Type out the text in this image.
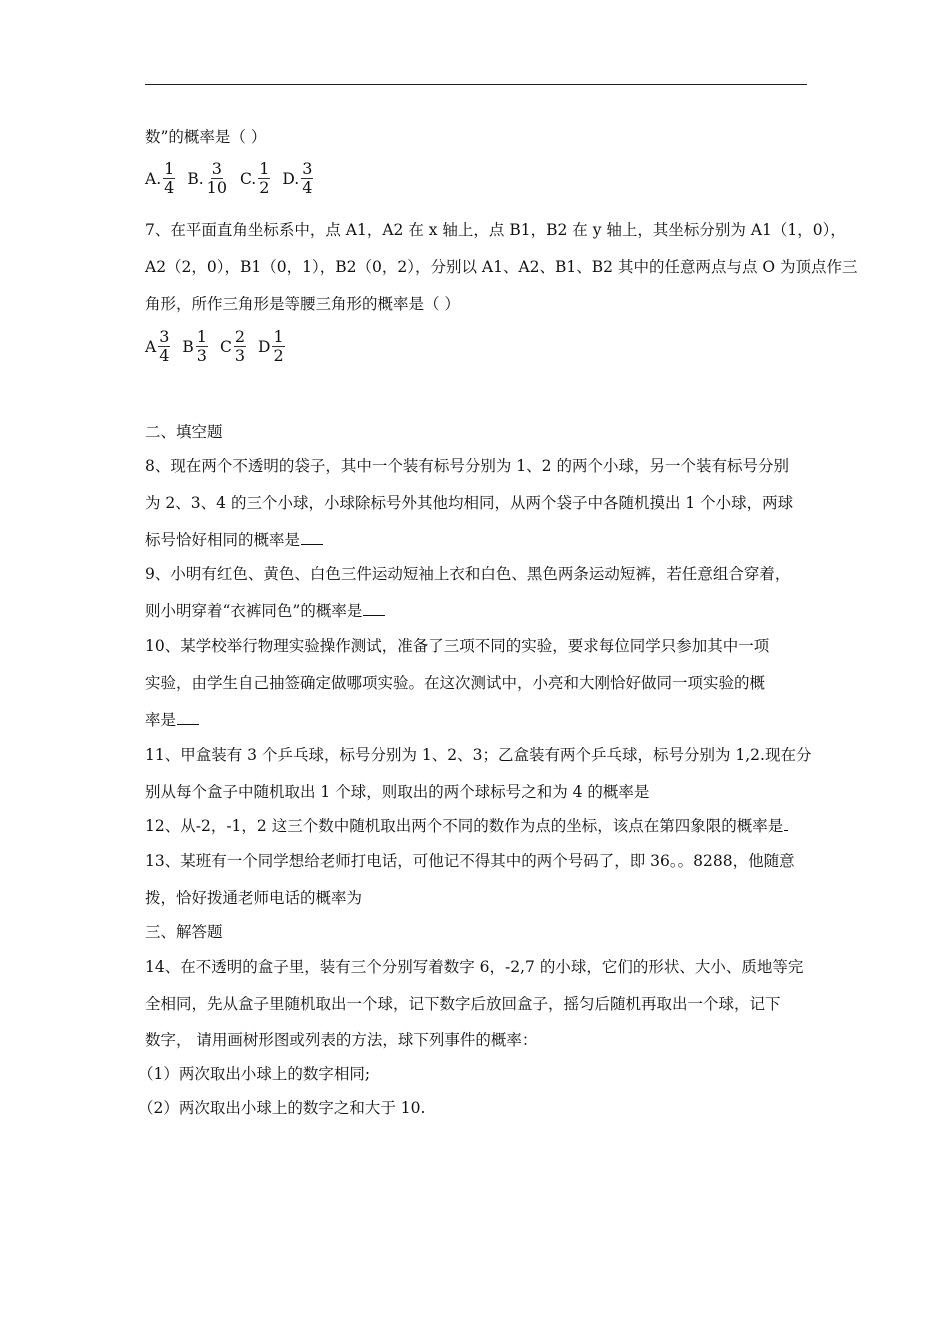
数”的概率是（ ）
A. $\frac{1}{4} B$. $\frac{3}{10} C$. $\frac{1}{2} D$. $\frac{3}{4}$
7、在平面直角坐标系中，点 A1，A2 在 x 轴上，点 B1，B2 在 y 轴上，其坐标分别为 A1（1，0），
A2（2，0），B1（0，1），B2（0，2），分别以 A1、A2、B1、B2 其中的任意两点与点 O 为顶点作三
角形，所作三角形是等腰三角形的概率是（ ）
A $\frac{3}{4}$ B $\frac{1}{3}$ C $\frac{2}{3}$ D $\frac{1}{2}$
二、填空题
8、现在两个不透明的袋子，其中一个装有标号分别为 1、2 的两个小球，另一个装有标号分别
为 2、3、4 的三个小球，小球除标号外其他均相同，从两个袋子中各随机摸出 1 个小球，两球
标号恰好相同的概率是
9、小明有红色、黄色、白色三件运动短袖上衣和白色、黑色两条运动短裤，若任意组合穿着，
则小明穿着“衣裤同色”的概率是
10、某学校举行物理实验操作测试，准备了三项不同的实验，要求每位同学只参加其中一项
实验，由学生自己抽签确定做哪项实验。在这次测试中，小亮和大刚恰好做同一项实验的概
率是
11、甲盒装有 3 个乒乓球，标号分别为 1、2、3；乙盒装有两个乒乓球，标号分别为 1,2.现在分
别从每个盒子中随机取出 1 个球，则取出的两个球标号之和为 4 的概率是
12、从-2，-1，2 这三个数中随机取出两个不同的数作为点的坐标，该点在第四象限的概率是
13、某班有一个同学想给老师打电话，可他记不得其中的两个号码了，即 36。。8288，他随意
拨，恰好拨通老师电话的概率为
三、解答题
14、在不透明的盒子里，装有三个分别写着数字 6，-2,7 的小球，它们的形状、大小、质地等完
全相同，先从盒子里随机取出一个球，记下数字后放回盒子，摇匀后随机再取出一个球，记下
数字， 请用画树形图或列表的方法，球下列事件的概率：
（1）两次取出小球上的数字相同;
（2）两次取出小球上的数字之和大于 10.
